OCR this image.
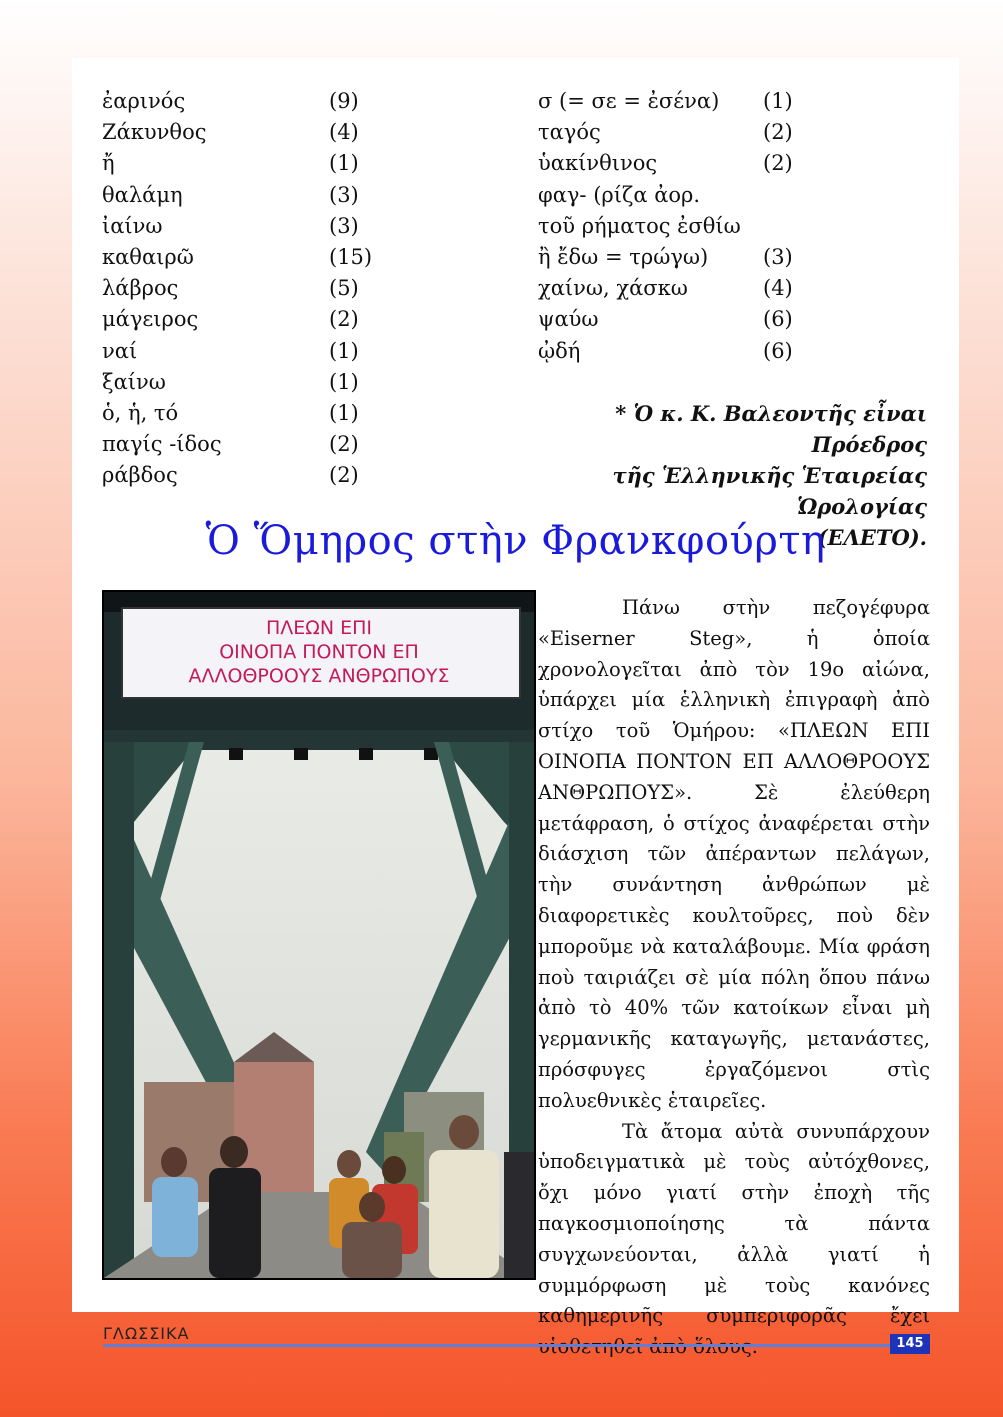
ἐαρινός	(9)
Ζάκυνθος	(4)
ἤ	(1)
θαλάμη	(3)
ἰαίνω	(3)
καθαιρῶ	(15)
λάβρος	(5)
μάγειρος	(2)
ναί	(1)
ξαίνω	(1)
ὁ, ἡ, τό	(1)
παγίς -ίδος	(2)
ράβδος	(2)
σ (= σε = ἐσένα) (1)
ταγός	(2)
ὑακίνθινος	(2)
φαγ- (ρίζα ἀορ.
τοῦ ρήματος ἐσθίω
ἢ ἔδω = τρώγω)	(3)
χαίνω, χάσκω	(4)
ψαύω	(6)
ᾠδή	(6)
* Ὁ κ. Κ. Βαλεοντῆς εἶναι Πρόεδρος
τῆς Ἑλληνικῆς Ἑταιρείας Ὡρολογίας
(ΕΛΕΤΟ).
Ὁ Ὅμηρος στὴν Φρανκφούρτη
ΠΛΕΩΝ ΕΠΙ
ΟΙΝΟΠΑ ΠΟΝΤΟΝ ΕΠ
ΑΛΛΟΘΡΟΟΥΣ ΑΝΘΡΩΠΟΥΣ

Πάνω στὴν πεζογέφυρα «Eiserner Steg», ἡ ὁποία χρονολογεῖται ἀπὸ τὸν 19ο αἰώνα, ὑπάρχει μία ἑλληνικὴ ἐπιγραφὴ ἀπὸ στίχο τοῦ Ὁμήρου: «ΠΛΕΩΝ ΕΠΙ ΟΙΝΟΠΑ ΠΟΝΤΟΝ ΕΠ ΑΛΛΟΘΡΟΟΥΣ ΑΝΘΡΩΠΟΥΣ». Σὲ ἐλεύθερη μετάφραση, ὁ στίχος ἀναφέρεται στὴν διάσχιση τῶν ἀπέραντων πελάγων, τὴν συνάντηση ἀνθρώπων μὲ διαφορετικὲς κουλτοῦρες, ποὺ δὲν μποροῦμε νὰ καταλάβουμε. Μία φράση ποὺ ταιριάζει σὲ μία πόλη ὅπου πάνω ἀπὸ τὸ 40% τῶν κατοίκων εἶναι μὴ γερμανικῆς καταγωγῆς, μετανάστες, πρόσφυγες ἐργαζόμενοι στὶς πολυεθνικὲς ἑταιρεῖες.

Τὰ ἄτομα αὐτὰ συνυπάρχουν ὑποδειγματικὰ μὲ τοὺς αὐτόχθονες, ὄχι μόνο γιατί στὴν ἐποχὴ τῆς παγκοσμιοποίησης τὰ πάντα συγχωνεύονται, ἀλλὰ γιατί ἡ συμμόρφωση μὲ τοὺς κανόνες καθημερινῆς συμπεριφορᾶς ἔχει

ΓΛΩΣΣΙΚΑ
145
